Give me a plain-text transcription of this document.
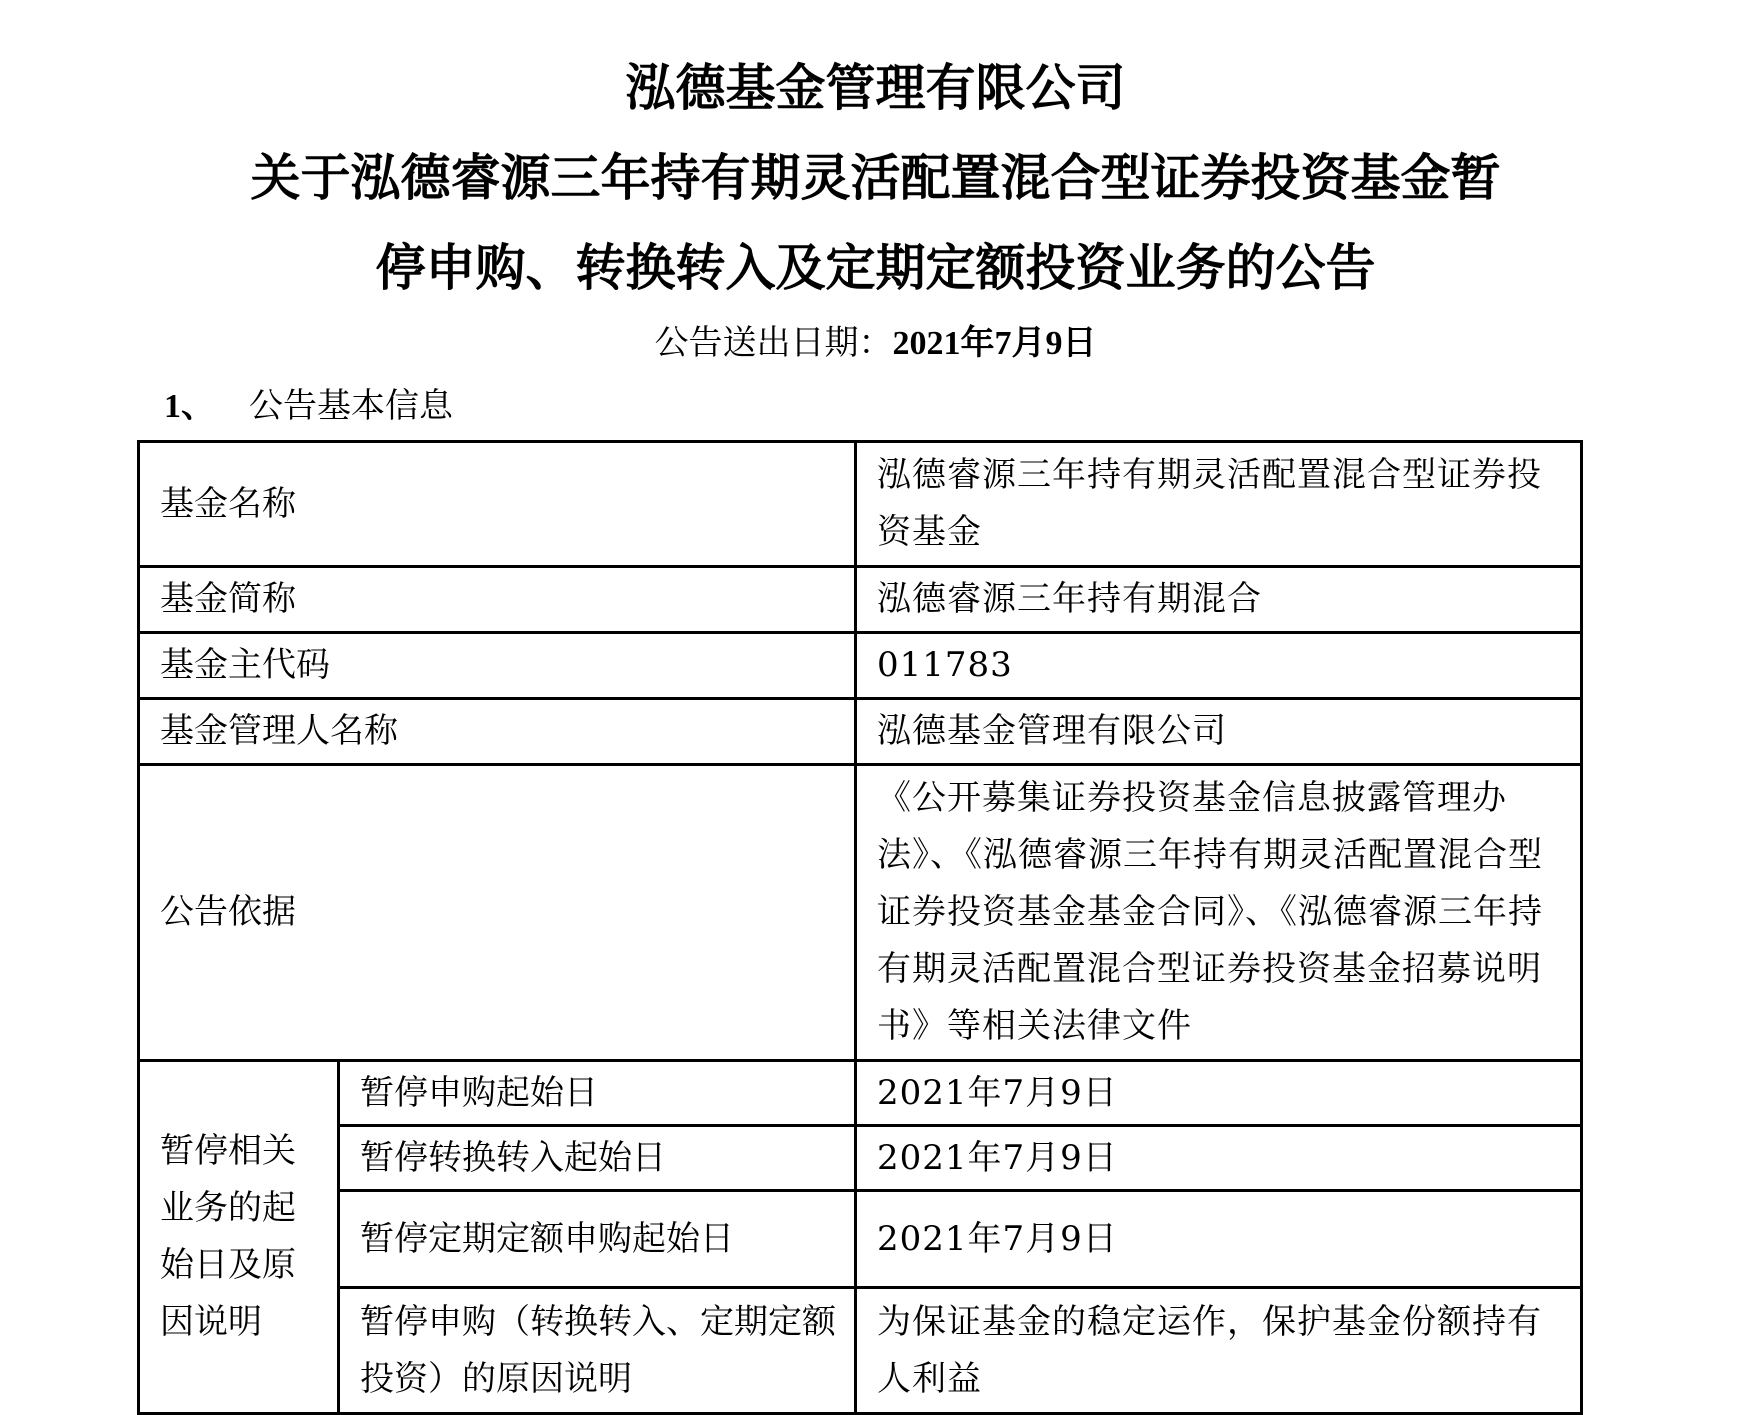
泓德基金管理有限公司
关于泓德睿源三年持有期灵活配置混合型证券投资基金暂
停申购、转换转入及定期定额投资业务的公告
公告送出日期：2021年7月9日
1、 公告基本信息
基金名称		泓德睿源三年持有期灵活配置混合型证券投资基金
基金简称		泓德睿源三年持有期混合
基金主代码		011783
基金管理人名称		泓德基金管理有限公司
公告依据		《公开募集证券投资基金信息披露管理办法》、《泓德睿源三年持有期灵活配置混合型证券投资基金基金合同》、《泓德睿源三年持有期灵活配置混合型证券投资基金招募说明书》等相关法律文件
暂停相关业务的起始日及原因说明	暂停申购起始日	2021年7月9日
	暂停转换转入起始日	2021年7月9日
	暂停定期定额申购起始日	2021年7月9日
	暂停申购（转换转入、定期定额投资）的原因说明	为保证基金的稳定运作，保护基金份额持有人利益
